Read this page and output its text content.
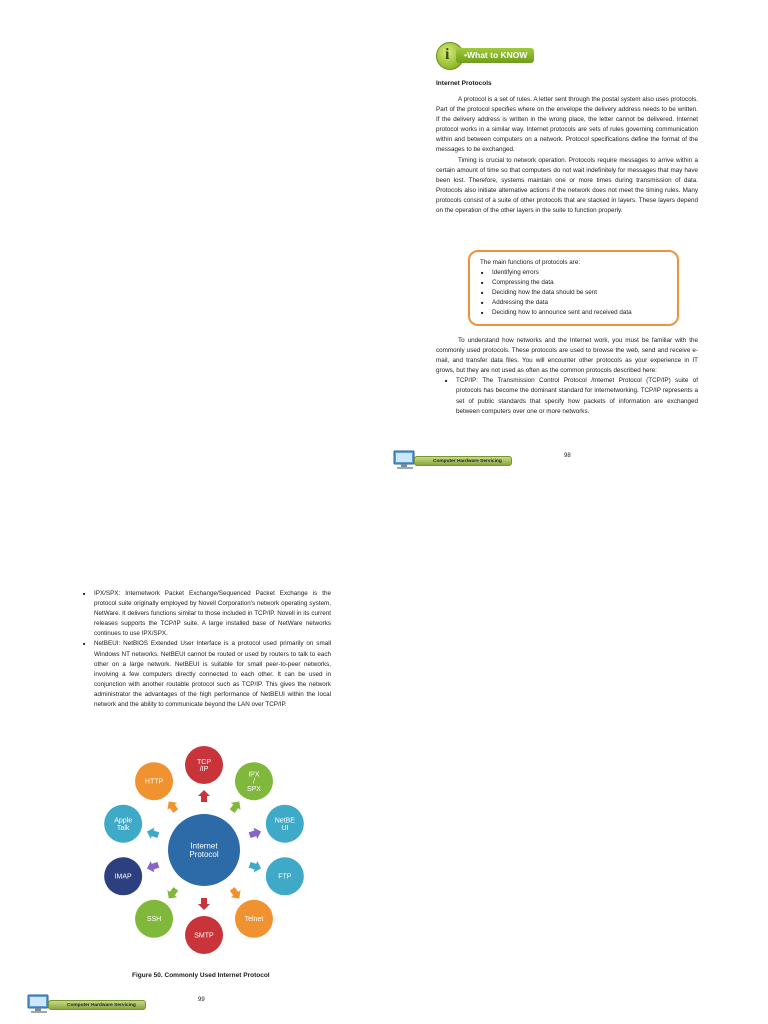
•What to KNOW
i
Internet Protocols

A protocol is a set of rules. A letter sent through the postal system also uses protocols. Part of the protocol specifies where on the envelope the delivery address needs to be written. If the delivery address is written in the wrong place, the letter cannot be delivered. Internet protocol works in a similar way. Internet protocols are sets of rules governing communication within and between computers on a network. Protocol specifications define the format of the messages to be exchanged.

Timing is crucial to network operation. Protocols require messages to arrive within a certain amount of time so that computers do not wait indefinitely for messages that may have been lost. Therefore, systems maintain one or more times during transmission of data. Protocols also initiate alternative actions if the network does not meet the timing rules. Many protocols consist of a suite of other protocols that are stacked in layers. These layers depend on the operation of the other layers in the suite to function properly.

The main functions of protocols are:
■ Identifying errors
■ Compressing the data
■ Deciding how the data should be sent
■ Addressing the data
■ Deciding how to announce sent and received data

To understand how networks and the Internet work, you must be familiar with the commonly used protocols. These protocols are used to browse the web, send and receive e-mail, and transfer data files. You will encounter other protocols as your experience in IT grows, but they are not used as often as the common protocols described here:

■ TCP/IP: The Transmission Control Protocol /Internet Protocol (TCP/IP) suite of protocols has become the dominant standard for internetworking. TCP/IP represents a set of public standards that specify how packets of information are exchanged between computers over one or more networks.
Computer Hardware Servicing
98
■ IPX/SPX: Internetwork Packet Exchange/Sequenced Packet Exchange is the protocol suite originally employed by Novell Corporation's network operating system, NetWare. It delivers functions similar to those included in TCP/IP. Novell in its current releases supports the TCP/IP suite. A large installed base of NetWare networks continues to use IPX/SPX.
■ NetBEUI: NetBIOS Extended User Interface is a protocol used primarily on small Windows NT networks. NetBEUI cannot be routed or used by routers to talk to each other on a large network. NetBEUI is suitable for small peer-to-peer networks, involving a few computers directly connected to each other. It can be used in conjunction with another routable protocol such as TCP/IP. This gives the network administrator the advantages of the high performance of NetBEUI within the local network and the ability to communicate beyond the LAN over TCP/IP.
TCP /IP
IPX / SPX
NetBE UI
FTP
Telnet
SMTP
SSH
IMAP
Apple Talk
HTTP
Internet Protocol
Figure 50. Commonly Used Internet Protocol
Computer Hardware Servicing
99
